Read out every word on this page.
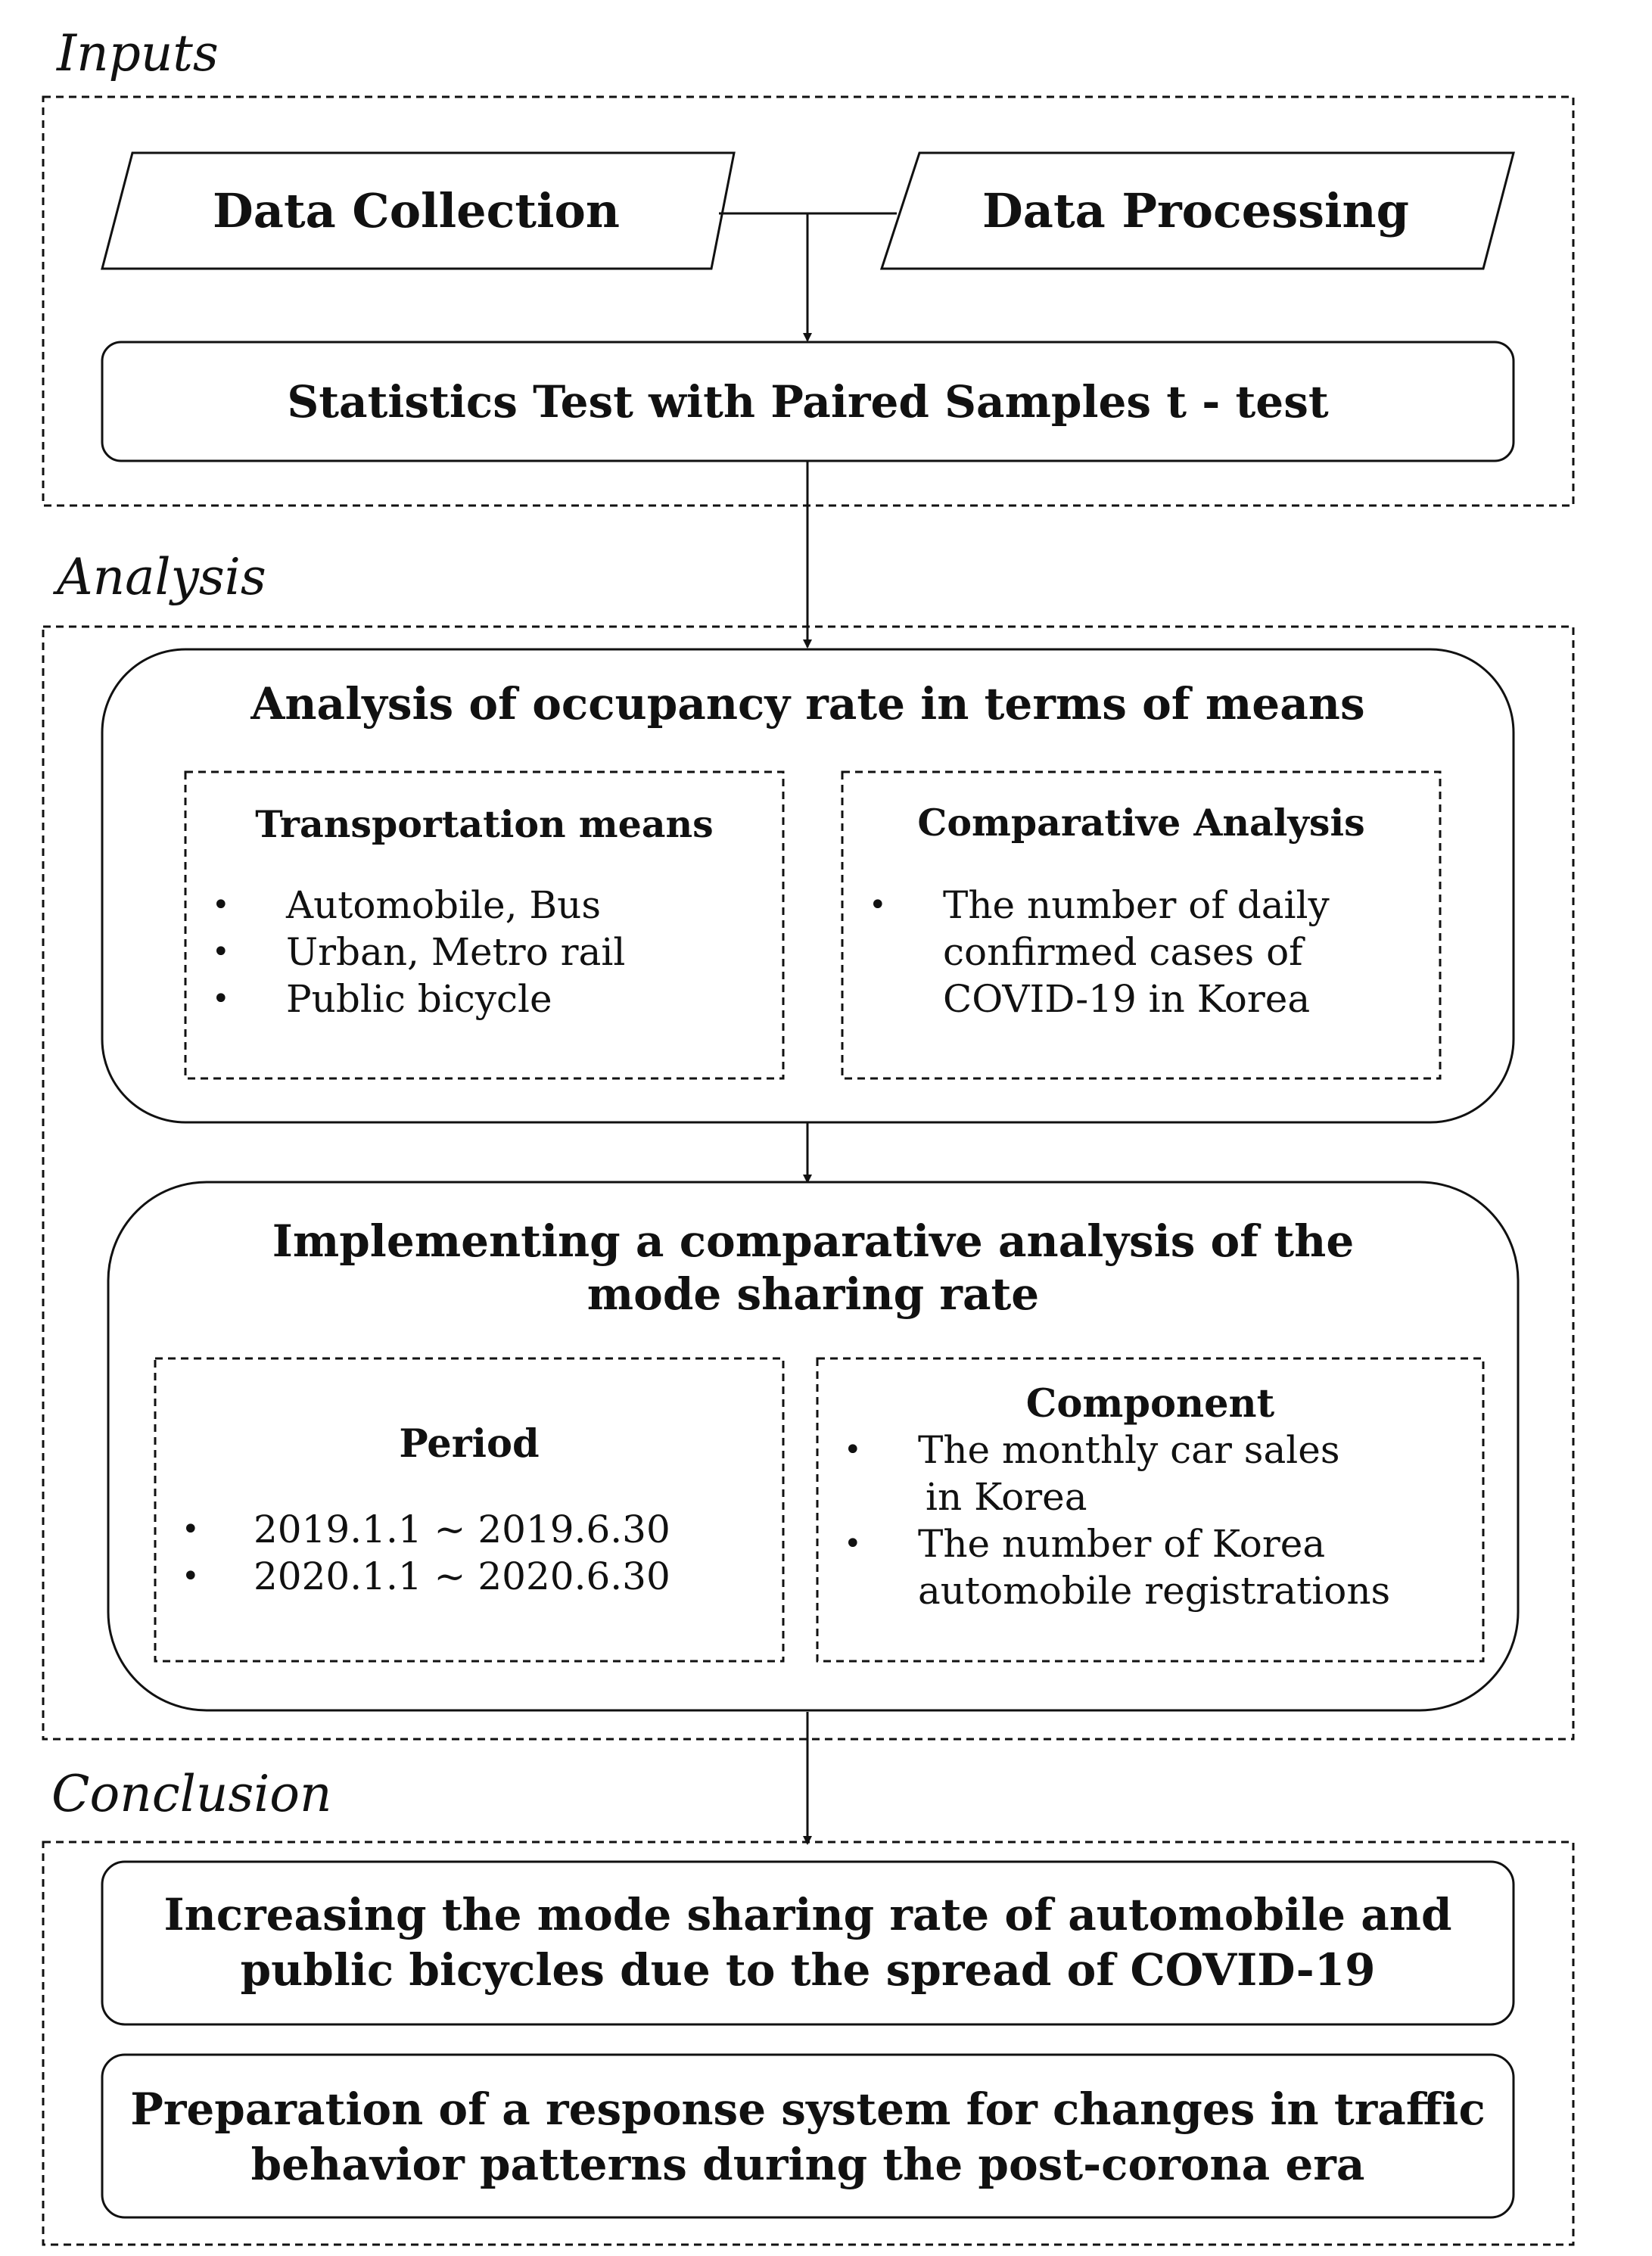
Inputs
Analysis
Conclusion
Data Collection	Data Processing
Statistics Test with Paired Samples t - test
Analysis of occupancy rate in terms of means
Transportation means
• Automobile, Bus
• Urban, Metro rail
• Public bicycle
Comparative Analysis
• The number of daily
confirmed cases of
COVID-19 in Korea
Implementing a comparative analysis of the
mode sharing rate
Period
• 2019.1.1 ~ 2019.6.30
• 2020.1.1 ~ 2020.6.30
Component
• The monthly car sales
in Korea
• The number of Korea
automobile registrations
Increasing the mode sharing rate of automobile and
public bicycles due to the spread of COVID-19
Preparation of a response system for changes in traffic
behavior patterns during the post-corona era
